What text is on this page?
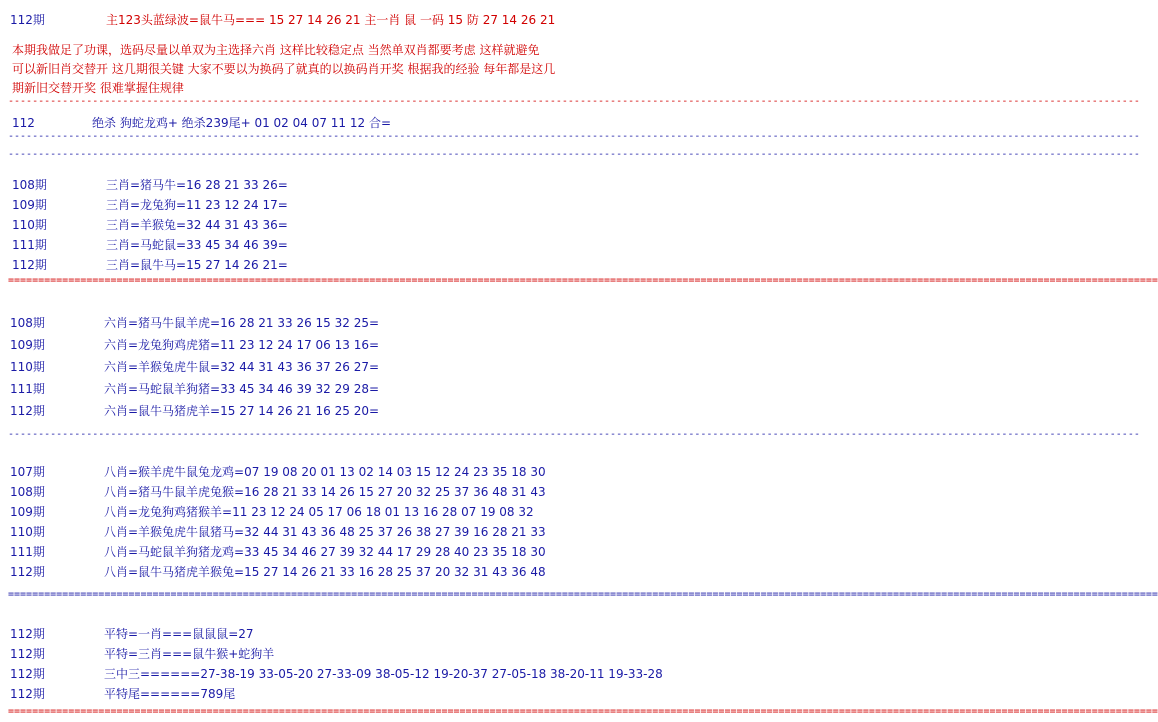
112期	主123头蓝绿波=鼠牛马=== 15 27 14 26 21 主一肖 鼠 一码 15 防 27 14 26 21
本期我做足了功课，选码尽量以单双为主选择六肖 这样比较稳定点 当然单双肖都要考虑 这样就避免
可以新旧肖交替开 这几期很关键 大家不要以为换码了就真的以换码肖开奖 根据我的经验 每年都是这几
期新旧交替开奖 很难掌握住规律
--------------------------------------------------------------------------------------------------------------------------------------------------------------------------------------------
112	绝杀 狗蛇龙鸡+ 绝杀239尾+ 01 02 04 07 11 12 合=
--------------------------------------------------------------------------------------------------------------------------------------------------------------------------------------------
--------------------------------------------------------------------------------------------------------------------------------------------------------------------------------------------
108期	三肖=猪马牛=16 28 21 33 26=
109期	三肖=龙兔狗=11 23 12 24 17=
110期	三肖=羊猴兔=32 44 31 43 36=
111期	三肖=马蛇鼠=33 45 34 46 39=
112期	三肖=鼠牛马=15 27 14 26 21=
===============================================================================================================================================================================================
108期	六肖=猪马牛鼠羊虎=16 28 21 33 26 15 32 25=
109期	六肖=龙兔狗鸡虎猪=11 23 12 24 17 06 13 16=
110期	六肖=羊猴兔虎牛鼠=32 44 31 43 36 37 26 27=
111期	六肖=马蛇鼠羊狗猪=33 45 34 46 39 32 29 28=
112期	六肖=鼠牛马猪虎羊=15 27 14 26 21 16 25 20=
--------------------------------------------------------------------------------------------------------------------------------------------------------------------------------------------
107期	八肖=猴羊虎牛鼠兔龙鸡=07 19 08 20 01 13 02 14 03 15 12 24 23 35 18 30
108期	八肖=猪马牛鼠羊虎兔猴=16 28 21 33 14 26 15 27 20 32 25 37 36 48 31 43
109期	八肖=龙兔狗鸡猪猴羊=11 23 12 24 05 17 06 18 01 13 16 28 07 19 08 32
110期	八肖=羊猴兔虎牛鼠猪马=32 44 31 43 36 48 25 37 26 38 27 39 16 28 21 33
111期	八肖=马蛇鼠羊狗猪龙鸡=33 45 34 46 27 39 32 44 17 29 28 40 23 35 18 30
112期	八肖=鼠牛马猪虎羊猴兔=15 27 14 26 21 33 16 28 25 37 20 32 31 43 36 48
===============================================================================================================================================================================================
112期	平特=一肖===鼠鼠鼠=27
112期	平特=三肖===鼠牛猴+蛇狗羊
112期	三中三======27-38-19 33-05-20 27-33-09 38-05-12 19-20-37 27-05-18 38-20-11 19-33-28
112期	平特尾======789尾
===============================================================================================================================================================================================
